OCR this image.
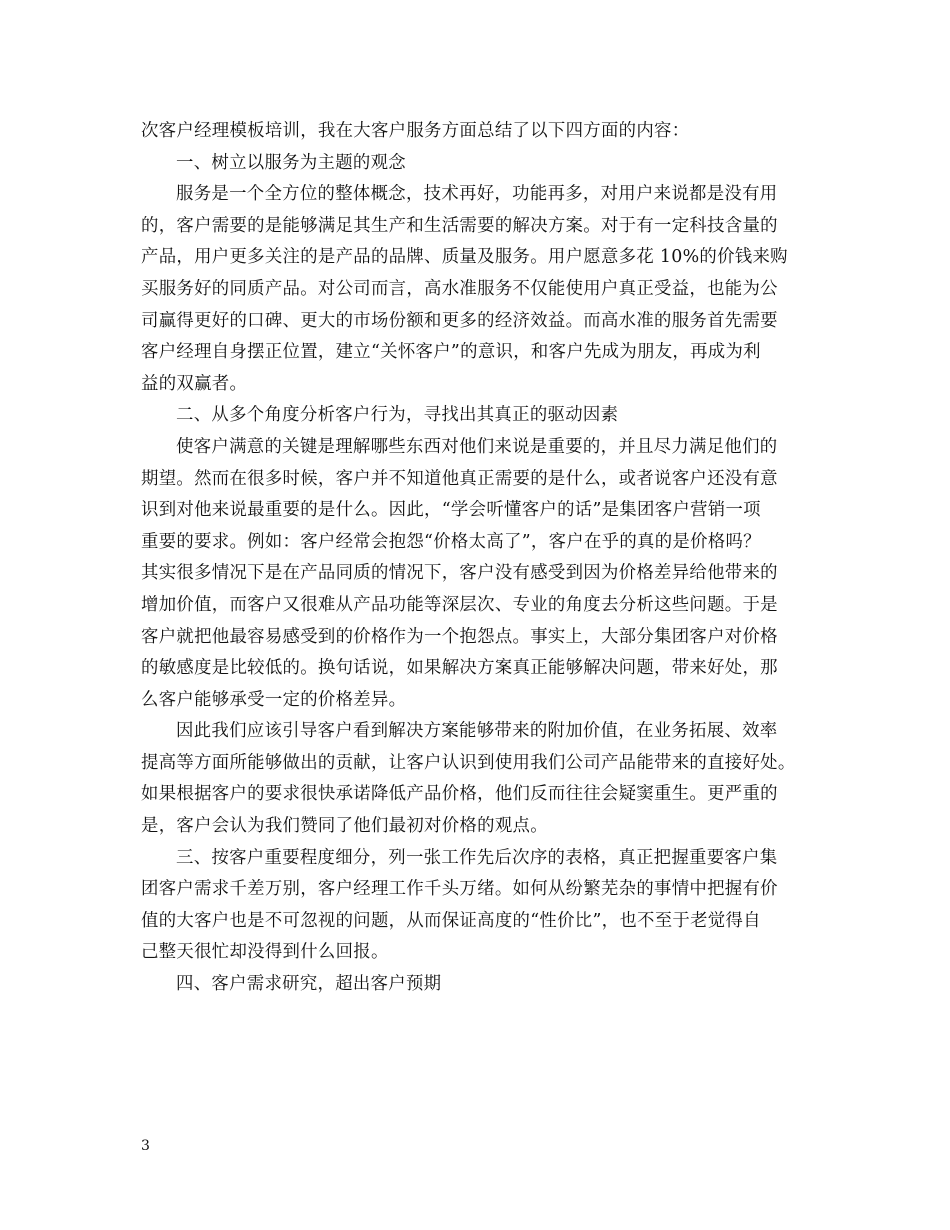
次客户经理模板培训，我在大客户服务方面总结了以下四方面的内容：
一、树立以服务为主题的观念
服务是一个全方位的整体概念，技术再好，功能再多，对用户来说都是没有用
的，客户需要的是能够满足其生产和生活需要的解决方案。对于有一定科技含量的
产品，用户更多关注的是产品的品牌、质量及服务。用户愿意多花 10%的价钱来购
买服务好的同质产品。对公司而言，高水准服务不仅能使用户真正受益，也能为公
司赢得更好的口碑、更大的市场份额和更多的经济效益。而高水准的服务首先需要
客户经理自身摆正位置，建立“关怀客户”的意识，和客户先成为朋友，再成为利
益的双赢者。
二、从多个角度分析客户行为，寻找出其真正的驱动因素
使客户满意的关键是理解哪些东西对他们来说是重要的，并且尽力满足他们的
期望。然而在很多时候，客户并不知道他真正需要的是什么，或者说客户还没有意
识到对他来说最重要的是什么。因此，“学会听懂客户的话”是集团客户营销一项
重要的要求。例如：客户经常会抱怨“价格太高了”，客户在乎的真的是价格吗？
其实很多情况下是在产品同质的情况下，客户没有感受到因为价格差异给他带来的
增加价值，而客户又很难从产品功能等深层次、专业的角度去分析这些问题。于是
客户就把他最容易感受到的价格作为一个抱怨点。事实上，大部分集团客户对价格
的敏感度是比较低的。换句话说，如果解决方案真正能够解决问题，带来好处，那
么客户能够承受一定的价格差异。
因此我们应该引导客户看到解决方案能够带来的附加价值，在业务拓展、效率
提高等方面所能够做出的贡献，让客户认识到使用我们公司产品能带来的直接好处。
如果根据客户的要求很快承诺降低产品价格，他们反而往往会疑窦重生。更严重的
是，客户会认为我们赞同了他们最初对价格的观点。
三、按客户重要程度细分，列一张工作先后次序的表格，真正把握重要客户集
团客户需求千差万别，客户经理工作千头万绪。如何从纷繁芜杂的事情中把握有价
值的大客户也是不可忽视的问题，从而保证高度的“性价比”，也不至于老觉得自
己整天很忙却没得到什么回报。
四、客户需求研究，超出客户预期
3
